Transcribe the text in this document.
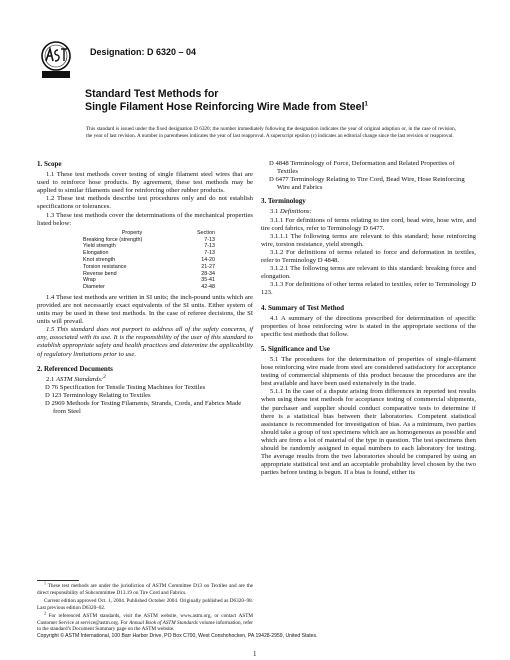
Designation: D 6320 – 04
Standard Test Methods for
Single Filament Hose Reinforcing Wire Made from Steel$^1$
This standard is issued under the fixed designation D 6320; the number immediately following the designation indicates the year of original adoption or, in the case of revision, the year of last revision. A number in parentheses indicates the year of last reapproval. A superscript epsilon (ε) indicates an editorial change since the last revision or reapproval.

1. Scope

1.1 These test methods cover testing of single filament steel wires that are used to reinforce hose products. By agreement, these test methods may be applied to similar filaments used for reinforcing other rubber products.

1.2 These test methods describe test procedures only and do not establish specifications or tolerances.

1.3 These test methods cover the determinations of the mechanical properties listed below:

Property	Section
Breaking force (strength)	7-13
Yield strength	7-13
Elongation	7-13
Knot strength	14-20
Torsion resistance	21-27
Reverse bend	28-34
Wrap	35-41
Diameter	42-48

1.4 These test methods are written in SI units; the inch-pound units which are provided are not necessarily exact equivalents of the SI units. Either system of units may be used in these test methods. In the case of referee decisions, the SI units will prevail.

1.5 This standard does not purport to address all of the safety concerns, if any, associated with its use. It is the responsibility of the user of this standard to establish appropriate safety and health practices and determine the applicability of regulatory limitations prior to use.

2. Referenced Documents

2.1 ASTM Standards:$^2$

D 76 Specification for Tensile Testing Machines for Textiles

D 123 Terminology Relating to Textiles

D 2969 Methods for Testing Filaments, Strands, Cords, and Fabrics Made from Steel

D 4848 Terminology of Force, Deformation and Related Properties of Textiles

D 6477 Terminology Relating to Tire Cord, Bead Wire, Hose Reinforcing Wire and Fabrics

3. Terminology

3.1 Definitions:

3.1.1 For definitions of terms relating to tire cord, bead wire, hose wire, and tire cord fabrics, refer to Terminology D 6477.

3.1.1.1 The following terms are relevant to this standard; hose reinforcing wire, torsion resistance, yield strength.

3.1.2 For definitions of terms related to force and deformation in textiles, refer to Terminology D 4848.

3.1.2.1 The following terms are relevant to this standard: breaking force and elongation.

3.1.3 For definitions of other terms related to textiles, refer to Terminology D 123.

4. Summary of Test Method

4.1 A summary of the directions prescribed for determination of specific properties of hose reinforcing wire is stated in the appropriate sections of the specific test methods that follow.

5. Significance and Use

5.1 The procedures for the determination of properties of single-filament hose reinforcing wire made from steel are considered satisfactory for acceptance testing of commercial shipments of this product because the procedures are the best available and have been used extensively in the trade.

5.1.1 In the case of a dispute arising from differences in reported test results when using these test methods for acceptance testing of commercial shipments, the purchaser and supplier should conduct comparative tests to determine if there is a statistical bias between their laboratories. Competent statistical assistance is recommended for investigation of bias. As a minimum, two parties should take a group of test specimens which are as homogeneous as possible and which are from a lot of material of the type in question. The test specimens then should be randomly assigned in equal numbers to each laboratory for testing. The average results from the two laboratories should be compared by using an appropriate statistical test and an acceptable probability level chosen by the two parties before testing is begun. If a bias is found, either its

$^1$ These test methods are under the jurisdiction of ASTM Committee D13 on Textiles and are the direct responsibility of Subcommittee D13.19 on Tire Cord and Fabrics.

Current edition approved Oct. 1, 2004. Published October 2004. Originally published as D6320–98. Last previous edition D6320–02.

$^2$ For referenced ASTM standards, visit the ASTM website, www.astm.org, or contact ASTM Customer Service at service@astm.org. For Annual Book of ASTM Standards volume information, refer to the standard’s Document Summary page on the ASTM website.

Copyright © ASTM International, 100 Barr Harbor Drive, PO Box C700, West Conshohocken, PA 19428-2959, United States.
1
